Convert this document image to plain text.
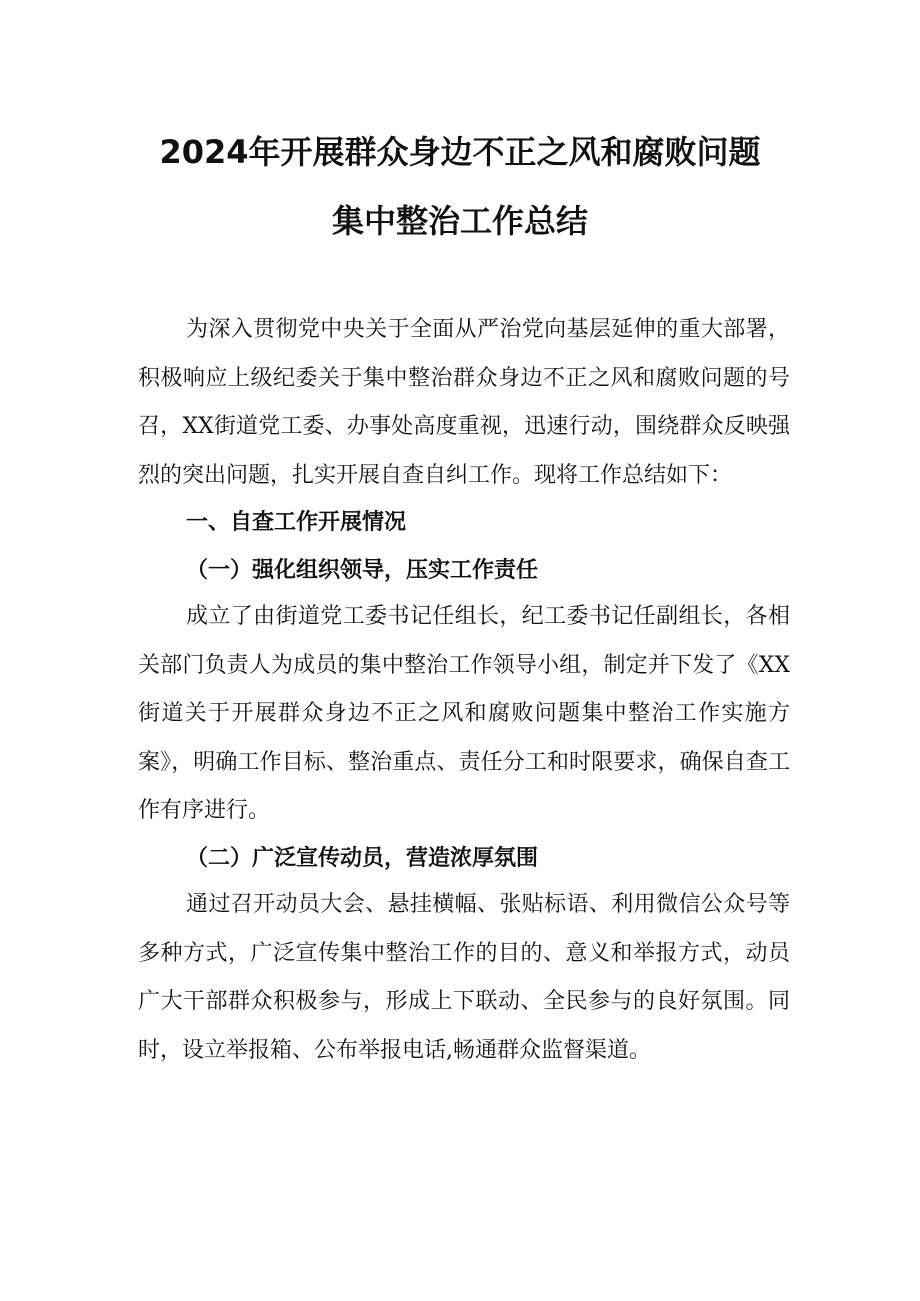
2024年开展群众身边不正之风和腐败问题
集中整治工作总结

为深入贯彻党中央关于全面从严治党向基层延伸的重大部署，积极响应上级纪委关于集中整治群众身边不正之风和腐败问题的号召，XX街道党工委、办事处高度重视，迅速行动，围绕群众反映强烈的突出问题，扎实开展自查自纠工作。现将工作总结如下：

一、自查工作开展情况
（一）强化组织领导，压实工作责任

成立了由街道党工委书记任组长，纪工委书记任副组长，各相关部门负责人为成员的集中整治工作领导小组，制定并下发了《XX街道关于开展群众身边不正之风和腐败问题集中整治工作实施方案》，明确工作目标、整治重点、责任分工和时限要求，确保自查工作有序进行。

（二）广泛宣传动员，营造浓厚氛围

通过召开动员大会、悬挂横幅、张贴标语、利用微信公众号等多种方式，广泛宣传集中整治工作的目的、意义和举报方式，动员广大干部群众积极参与，形成上下联动、全民参与的良好氛围。同时，设立举报箱、公布举报电话,畅通群众监督渠道。
